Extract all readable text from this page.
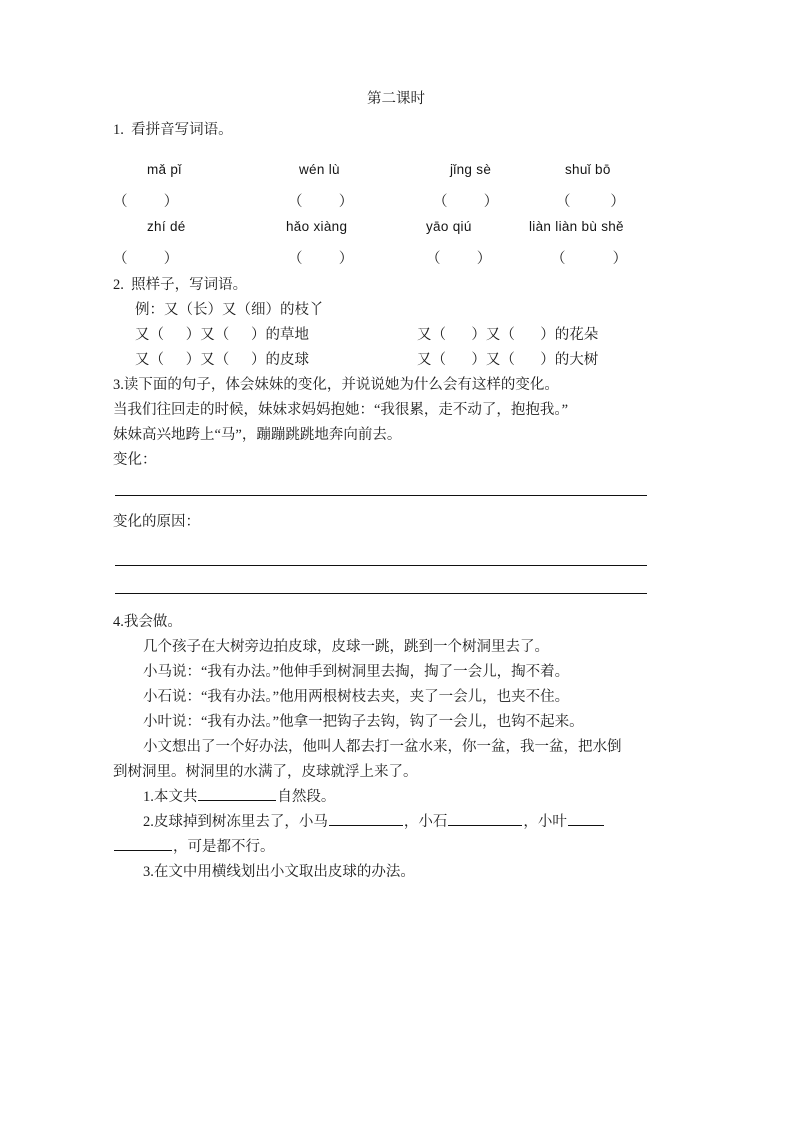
第二课时
1.  看拼音写词语。
mǎ pǐ	wén lù	jǐng sè	shuǐ bō
（          ）	（          ）	（          ）	（           ）
zhí dé	hǎo xiàng	yāo qiú	liàn liàn bù shě
（          ）	（          ）	（          ）	（             ）
2.  照样子，写词语。
例：又（长）又（细）的枝丫
又（      ）又（      ）的草地	又（       ）又（       ）的花朵
又（      ）又（      ）的皮球	又（       ）又（       ）的大树
3.读下面的句子，体会妹妹的变化，并说说她为什么会有这样的变化。
当我们往回走的时候，妹妹求妈妈抱她：“我很累，走不动了，抱抱我。”
妹妹高兴地跨上“马”，蹦蹦跳跳地奔向前去。
变化：
变化的原因：
4.我会做。
几个孩子在大树旁边拍皮球，皮球一跳，跳到一个树洞里去了。
小马说：“我有办法。”他伸手到树洞里去掏，掏了一会儿，掏不着。
小石说：“我有办法。”他用两根树枝去夹，夹了一会儿，也夹不住。
小叶说：“我有办法。”他拿一把钩子去钩，钩了一会儿，也钩不起来。
小文想出了一个好办法，他叫人都去打一盆水来，你一盆，我一盆，把水倒
到树洞里。树洞里的水满了，皮球就浮上来了。
1.本文共	自然段。
2.皮球掉到树冻里去了，小马	，小石	，小叶
，可是都不行。
3.在文中用横线划出小文取出皮球的办法。
